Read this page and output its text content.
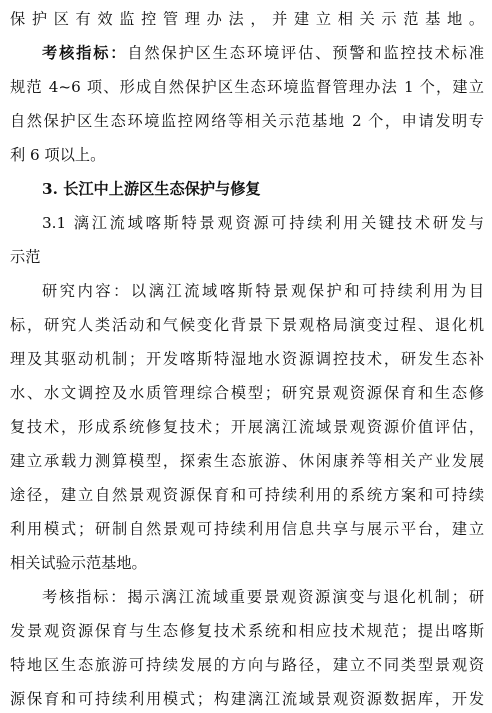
保护区有效监控管理办法，并建立相关示范基地。
考核指标：自然保护区生态环境评估、预警和监控技术标准
规范 4~6 项、形成自然保护区生态环境监督管理办法 1 个，建立
自然保护区生态环境监控网络等相关示范基地 2 个，申请发明专
利 6 项以上。
3. 长江中上游区生态保护与修复
3.1 漓江流域喀斯特景观资源可持续利用关键技术研发与
示范
研究内容：以漓江流域喀斯特景观保护和可持续利用为目
标，研究人类活动和气候变化背景下景观格局演变过程、退化机
理及其驱动机制；开发喀斯特湿地水资源调控技术，研发生态补
水、水文调控及水质管理综合模型；研究景观资源保育和生态修
复技术，形成系统修复技术；开展漓江流域景观资源价值评估，
建立承载力测算模型，探索生态旅游、休闲康养等相关产业发展
途径，建立自然景观资源保育和可持续利用的系统方案和可持续
利用模式；研制自然景观可持续利用信息共享与展示平台，建立
相关试验示范基地。
考核指标：揭示漓江流域重要景观资源演变与退化机制；研
发景观资源保育与生态修复技术系统和相应技术规范；提出喀斯
特地区生态旅游可持续发展的方向与路径，建立不同类型景观资
源保育和可持续利用模式；构建漓江流域景观资源数据库，开发
